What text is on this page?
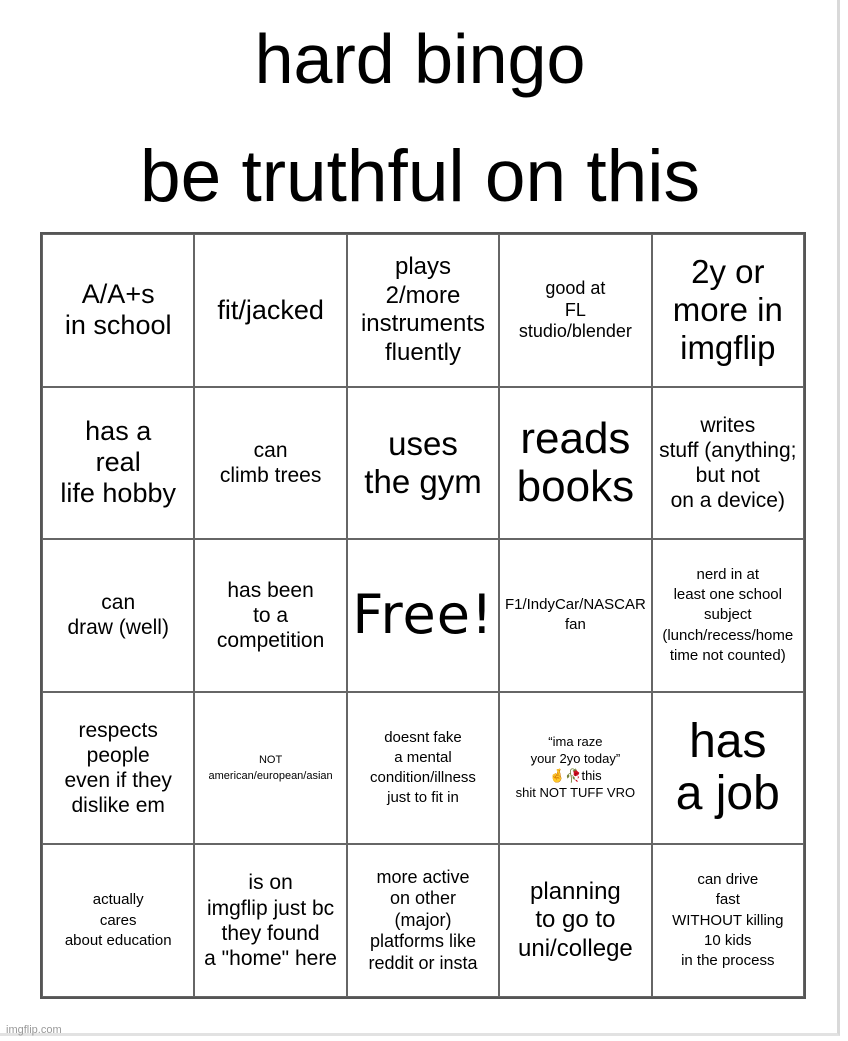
hard bingo
be truthful on this
A/A+s
in school
fit/jacked
plays
2/more
instruments
fluently
good at
FL
studio/blender
2y or
more in
imgflip
has a
real
life hobby
can
climb trees
uses
the gym
reads
books
writes
stuff (anything;
but not
on a device)
can
draw (well)
has been
to a
competition Free! F1/IndyCar/NASCAR
fan
nerd in at
least one school
subject
(lunch/recess/home
time not counted)
respects
people
even if they
dislike em
NOT
american/european/asian
doesnt fake
a mental
condition/illness
just to fit in
“ima raze
your 2yo today”
🤞🥀this
shit NOT TUFF VRO
has
a job
actually
cares
about education
is on
imgflip just bc
they found
a "home" here
more active
on other
(major)
platforms like
reddit or insta
planning
to go to
uni/college
can drive
fast
WITHOUT killing
10 kids
in the process
imgflip.com
